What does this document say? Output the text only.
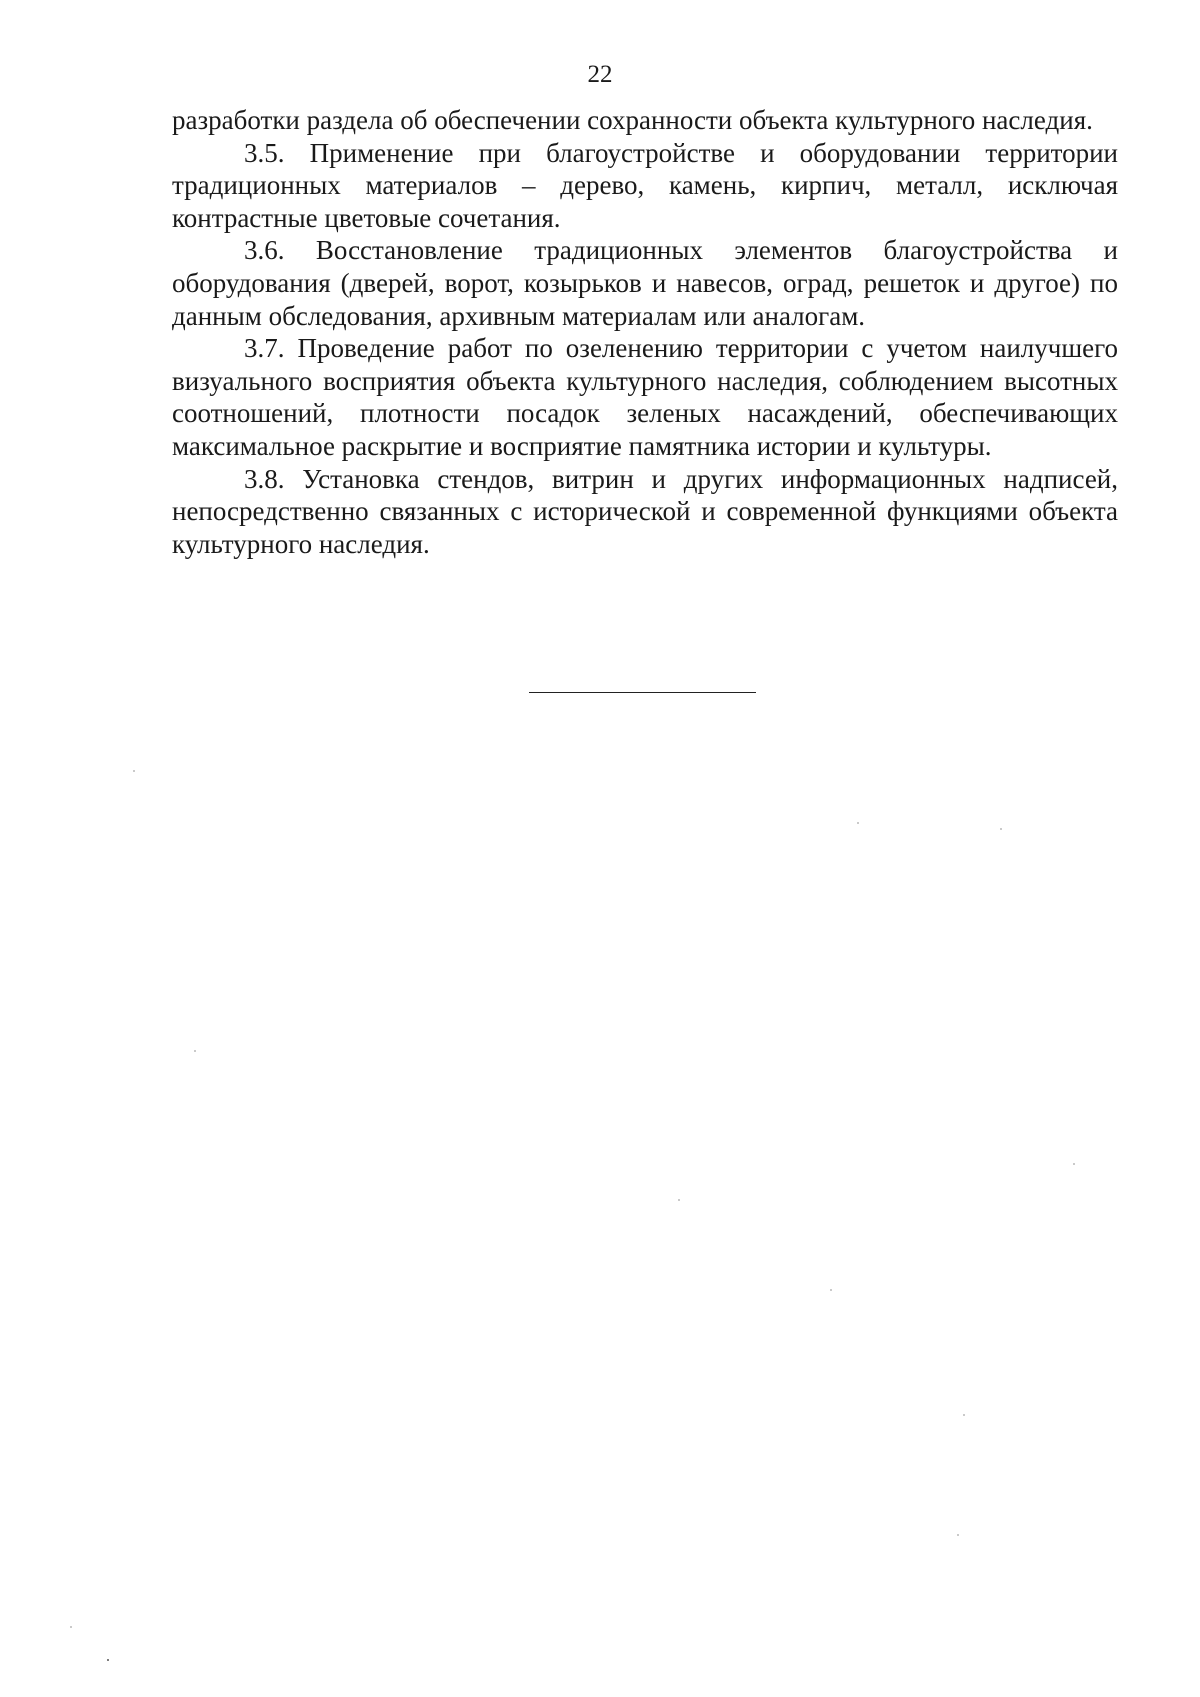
22

разработки раздела об обеспечении сохранности объекта культурного наследия.

3.5. Применение при благоустройстве и оборудовании территории традиционных материалов – дерево, камень, кирпич, металл, исключая контрастные цветовые сочетания.

3.6. Восстановление традиционных элементов благоустройства и оборудования (дверей, ворот, козырьков и навесов, оград, решеток и другое) по данным обследования, архивным материалам или аналогам.

3.7. Проведение работ по озеленению территории с учетом наилучшего визуального восприятия объекта культурного наследия, соблюдением высотных соотношений, плотности посадок зеленых насаждений, обеспечивающих максимальное раскрытие и восприятие памятника истории и культуры.

3.8. Установка стендов, витрин и других информационных надписей, непосредственно связанных с исторической и современной функциями объекта культурного наследия.
